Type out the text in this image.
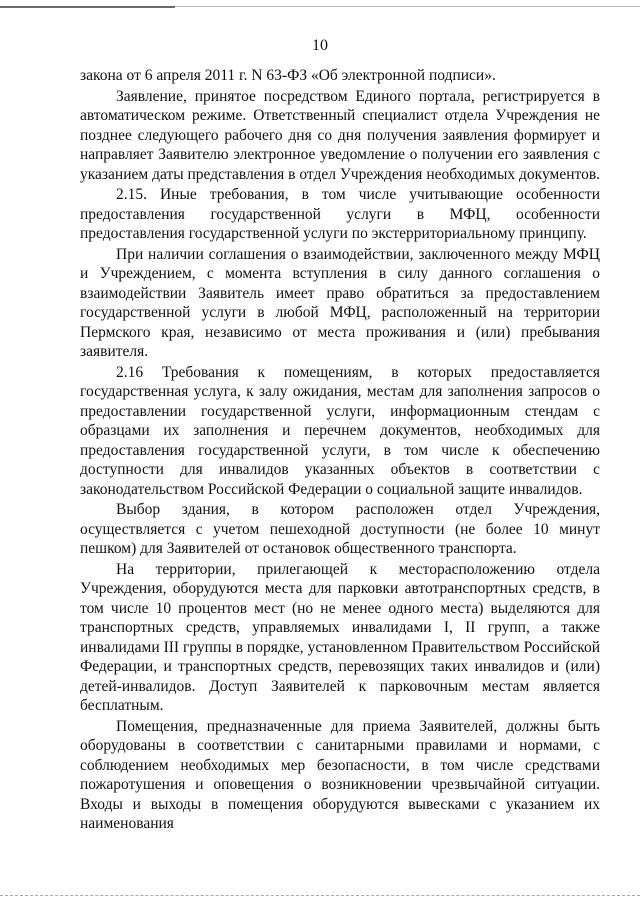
10

закона от 6 апреля 2011 г. N 63-ФЗ «Об электронной подписи».

Заявление, принятое посредством Единого портала, регистрируется в автоматическом режиме. Ответственный специалист отдела Учреждения не позднее следующего рабочего дня со дня получения заявления формирует и направляет Заявителю электронное уведомление о получении его заявления с указанием даты представления в отдел Учреждения необходимых документов.

2.15. Иные требования, в том числе учитывающие особенности предоставления государственной услуги в МФЦ, особенности предоставления государственной услуги по экстерриториальному принципу.

При наличии соглашения о взаимодействии, заключенного между МФЦ и Учреждением, с момента вступления в силу данного соглашения о взаимодействии Заявитель имеет право обратиться за предоставлением государственной услуги в любой МФЦ, расположенный на территории Пермского края, независимо от места проживания и (или) пребывания заявителя.

2.16 Требования к помещениям, в которых предоставляется государственная услуга, к залу ожидания, местам для заполнения запросов о предоставлении государственной услуги, информационным стендам с образцами их заполнения и перечнем документов, необходимых для предоставления государственной услуги, в том числе к обеспечению доступности для инвалидов указанных объектов в соответствии с законодательством Российской Федерации о социальной защите инвалидов.

Выбор здания, в котором расположен отдел Учреждения, осуществляется с учетом пешеходной доступности (не более 10 минут пешком) для Заявителей от остановок общественного транспорта.

На территории, прилегающей к месторасположению отдела Учреждения, оборудуются места для парковки автотранспортных средств, в том числе 10 процентов мест (но не менее одного места) выделяются для транспортных средств, управляемых инвалидами I, II групп, а также инвалидами III группы в порядке, установленном Правительством Российской Федерации, и транспортных средств, перевозящих таких инвалидов и (или) детей-инвалидов. Доступ Заявителей к парковочным местам является бесплатным.

Помещения, предназначенные для приема Заявителей, должны быть оборудованы в соответствии с санитарными правилами и нормами, с соблюдением необходимых мер безопасности, в том числе средствами пожаротушения и оповещения о возникновении чрезвычайной ситуации. Входы и выходы в помещения оборудуются вывесками с указанием их наименования
